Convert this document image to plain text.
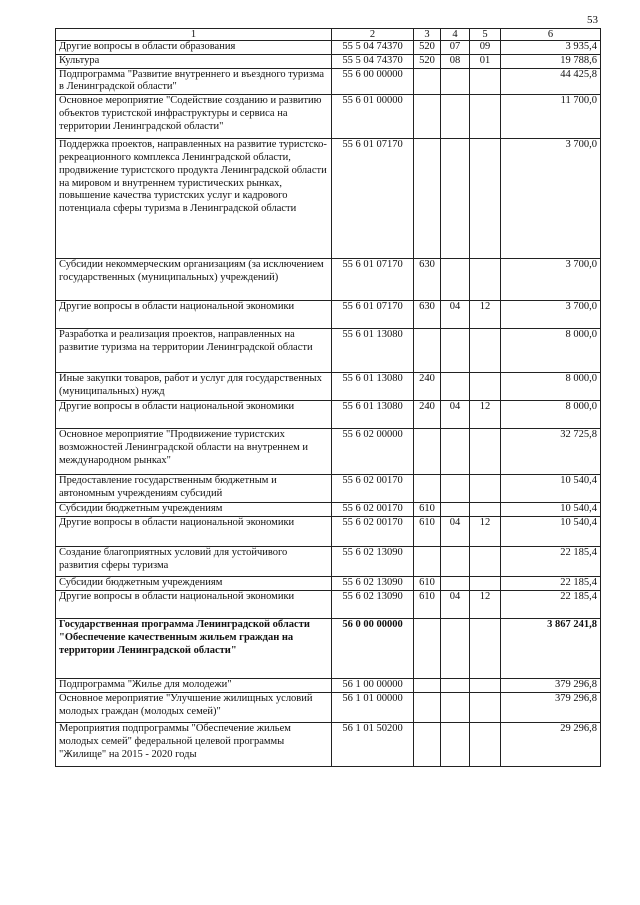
53
1	2	3	4	5	6
Другие вопросы в области образования	55 5 04 74370	520	07	09	3 935,4
Культура	55 5 04 74370	520	08	01	19 788,6
Подпрограмма "Развитие внутреннего и въездного туризма в Ленинградской области"	55 6 00 00000				44 425,8
Основное мероприятие "Содействие созданию и развитию объектов туристской инфраструктуры и сервиса на территории Ленинградской области"	55 6 01 00000				11 700,0
Поддержка проектов, направленных на развитие туристско-рекреационного комплекса Ленинградской области, продвижение туристского продукта Ленинградской области на мировом и внутреннем туристических рынках, повышение качества туристских услуг и кадрового потенциала сферы туризма в Ленинградской области	55 6 01 07170				3 700,0
Субсидии некоммерческим организациям (за исключением государственных (муниципальных) учреждений)	55 6 01 07170	630			3 700,0
Другие вопросы в области национальной экономики	55 6 01 07170	630	04	12	3 700,0
Разработка и реализация проектов, направленных на развитие туризма на территории Ленинградской области	55 6 01 13080				8 000,0
Иные закупки товаров, работ и услуг для государственных (муниципальных) нужд	55 6 01 13080	240			8 000,0
Другие вопросы в области национальной экономики	55 6 01 13080	240	04	12	8 000,0
Основное мероприятие "Продвижение туристских возможностей Ленинградской области на внутреннем и международном рынках"	55 6 02 00000				32 725,8
Предоставление государственным бюджетным и автономным учреждениям субсидий	55 6 02 00170				10 540,4
Субсидии бюджетным учреждениям	55 6 02 00170	610			10 540,4
Другие вопросы в области национальной экономики	55 6 02 00170	610	04	12	10 540,4
Создание благоприятных условий для устойчивого развития сферы туризма	55 6 02 13090				22 185,4
Субсидии бюджетным учреждениям	55 6 02 13090	610			22 185,4
Другие вопросы в области национальной экономики	55 6 02 13090	610	04	12	22 185,4
Государственная программа Ленинградской области "Обеспечение качественным жильем граждан на территории Ленинградской области"	56 0 00 00000				3 867 241,8
Подпрограмма "Жилье для молодежи"	56 1 00 00000				379 296,8
Основное мероприятие "Улучшение жилищных условий молодых граждан (молодых семей)"	56 1 01 00000				379 296,8
Мероприятия подпрограммы "Обеспечение жильем молодых семей" федеральной целевой программы "Жилище" на 2015 - 2020 годы	56 1 01 50200				29 296,8
